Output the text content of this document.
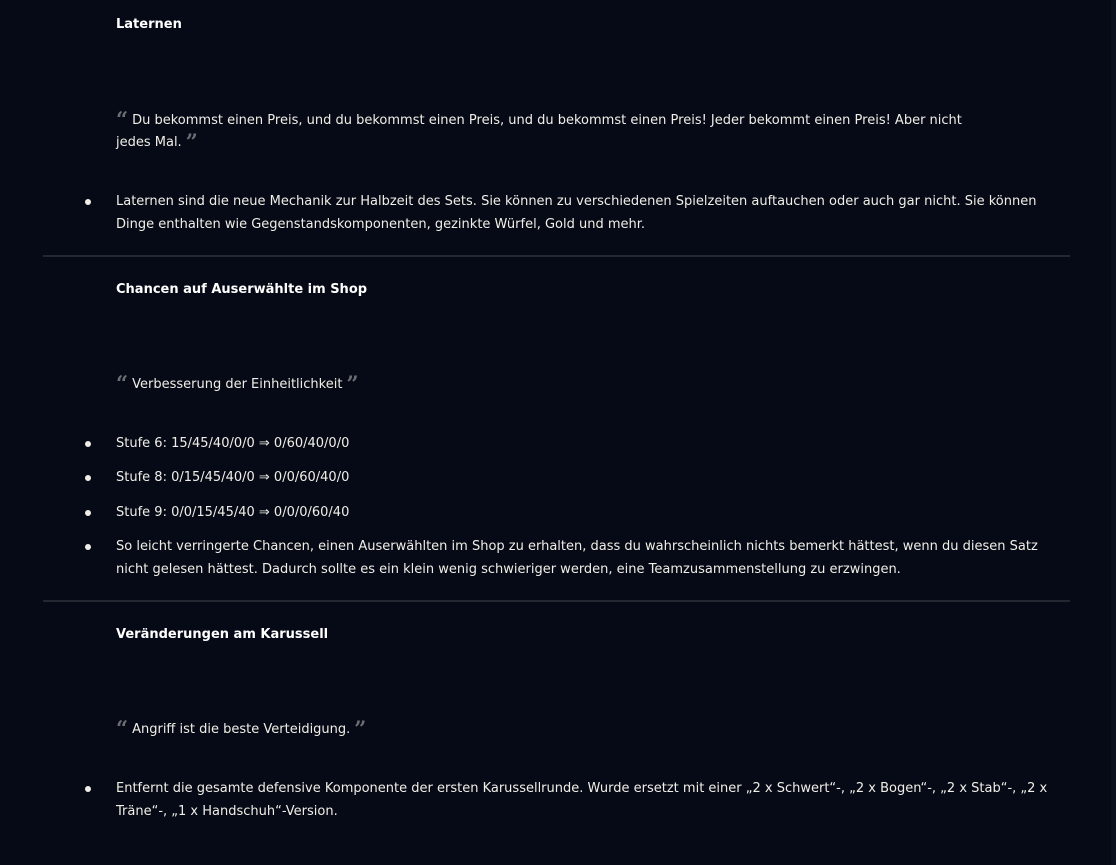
Laternen
“ Du bekommst einen Preis, und du bekommst einen Preis, und du bekommst einen Preis! Jeder bekommt einen Preis! Aber nicht jedes Mal. ”
Laternen sind die neue Mechanik zur Halbzeit des Sets. Sie können zu verschiedenen Spielzeiten auftauchen oder auch gar nicht. Sie können Dinge enthalten wie Gegenstandskomponenten, gezinkte Würfel, Gold und mehr.
Chancen auf Auserwählte im Shop
“ Verbesserung der Einheitlichkeit ”
Stufe 6: 15/45/40/0/0 ⇒ 0/60/40/0/0
Stufe 8: 0/15/45/40/0 ⇒ 0/0/60/40/0
Stufe 9: 0/0/15/45/40 ⇒ 0/0/0/60/40
So leicht verringerte Chancen, einen Auserwählten im Shop zu erhalten, dass du wahrscheinlich nichts bemerkt hättest, wenn du diesen Satz nicht gelesen hättest. Dadurch sollte es ein klein wenig schwieriger werden, eine Teamzusammenstellung zu erzwingen.
Veränderungen am Karussell
“ Angriff ist die beste Verteidigung. ”
Entfernt die gesamte defensive Komponente der ersten Karussellrunde. Wurde ersetzt mit einer „2 x Schwert“-, „2 x Bogen“-, „2 x Stab“-, „2 x Träne“-, „1 x Handschuh“-Version.
